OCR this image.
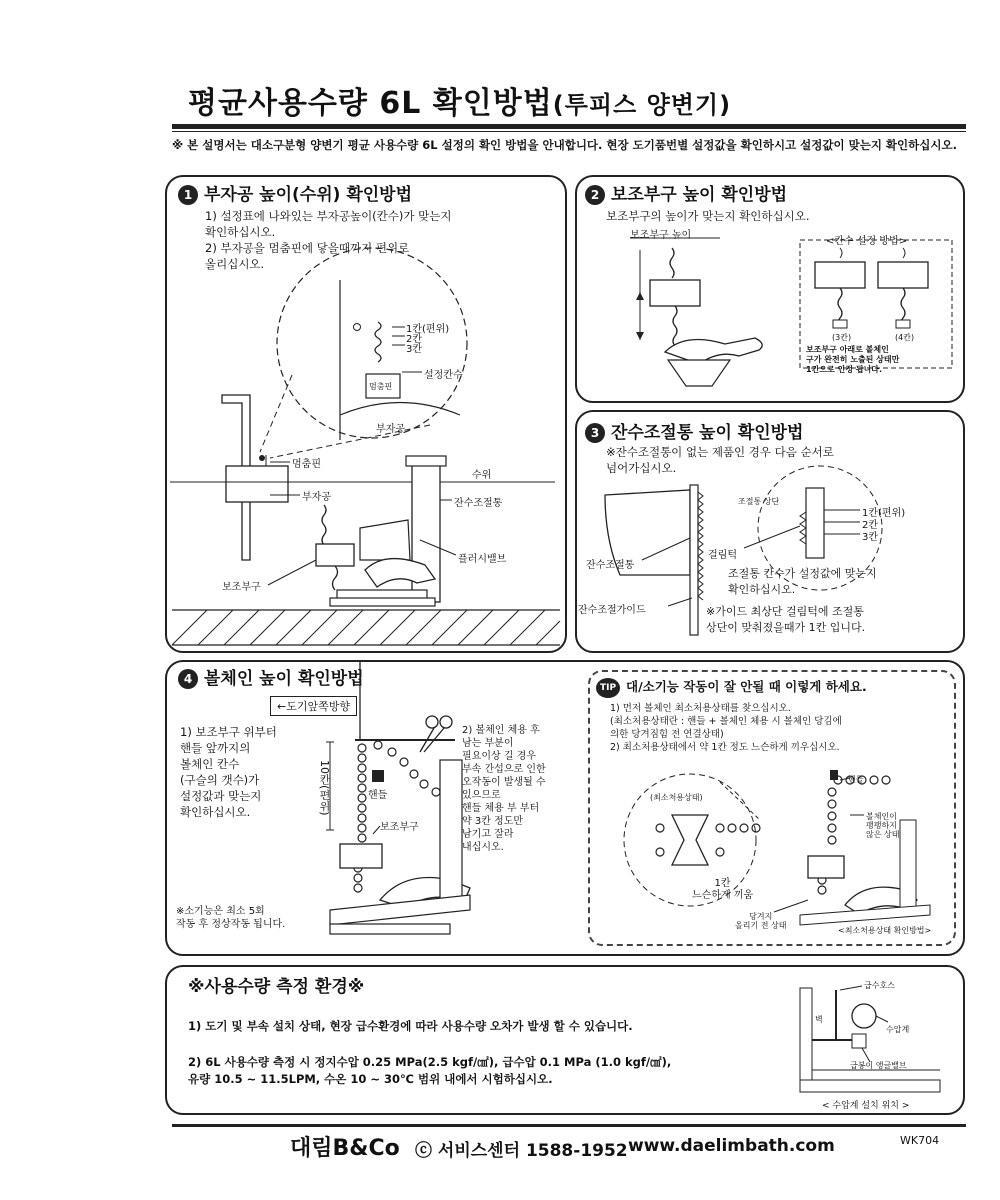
평균사용수량 6L 확인방법(투피스 양변기)
※ 본 설명서는 대소구분형 양변기 평균 사용수량 6L 설정의 확인 방법을 안내합니다. 현장 도기품번별 설정값을 확인하시고 설정값이 맞는지 확인하십시오.
1 부자공 높이(수위) 확인방법
1) 설정표에 나와있는 부자공높이(칸수)가 맞는지
확인하십시오.
2) 부자공을 멈춤핀에 닿을때까지 편위로
올리십시오.
1칸(편위)
2칸
3칸
설정칸수
멈춤핀
부자공
멈춤핀
수위
부자공
잔수조절통
플러시밸브
보조부구
2 보조부구 높이 확인방법
보조부구의 높이가 맞는지 확인하십시오.
보조부구 높이
<칸수 설정 방법>
(3칸)	(4칸)
보조부구 아래로 볼체인
구가 완전히 노출된 상태만
1칸으로 인정 됩니다.
3 잔수조절통 높이 확인방법
※잔수조절통이 없는 제품인 경우 다음 순서로
넘어가십시오.
조절통 상단
1칸(편위)
2칸
3칸
걸림턱
잔수조절통
조절통 칸수가 설정값에 맞는지
확인하십시오.
잔수조절가이드	※가이드 최상단 걸림턱에 조절통
상단이 맞춰졌을때가 1칸 입니다.
4 볼체인 높이 확인방법
←도기앞쪽방향
1) 보조부구 위부터
핸들 앞까지의
볼체인 칸수
(구슬의 갯수)가
설정값과 맞는지
확인하십시오.	10칸(편위)	핸들
보조부구
2) 볼체인 체용 후
남는 부분이
필요이상 길 경우
부속 간섭으로 인한
오작동이 발생될 수
있으므로
핸들 체용 부 부터
약 3칸 정도만
남기고 잘라
내십시오.
※소기능은 최소 5회
작동 후 정상작동 됩니다.
TIP 대/소기능 작동이 잘 안될 때 이렇게 하세요.
1) 먼저 볼체인 최소처용상태를 찾으십시오.
(최소처용상태란 : 핸들 + 볼체인 체용 시 볼체인 당김에
의한 당겨짐힘 전 연결상태)
2) 최소처용상태에서 약 1칸 정도 느슨하게 끼우십시오.
(최소처용상태)
핸들
볼체인이
팽팽하지
않은 상태
1칸
느슨하게 끼움
당겨지
올리기 전 상태
<최소처용상태 확인방법>
※사용수량 측정 환경※
1) 도기 및 부속 설치 상태, 현장 급수환경에 따라 사용수량 오차가 발생 할 수 있습니다.
2) 6L 사용수량 측정 시 정지수압 0.25 MPa(2.5 kgf/㎠), 급수압 0.1 MPa (1.0 kgf/㎠),
유량 10.5 ~ 11.5LPM, 수온 10 ~ 30℃ 범위 내에서 시험하십시오.
급수호스
벽
수압계
급봉이 앵글밸브
< 수압계 설치 위치 >
대림B&Co ⓒ 서비스센터 1588-1952 www.daelimbath.com	WK704
